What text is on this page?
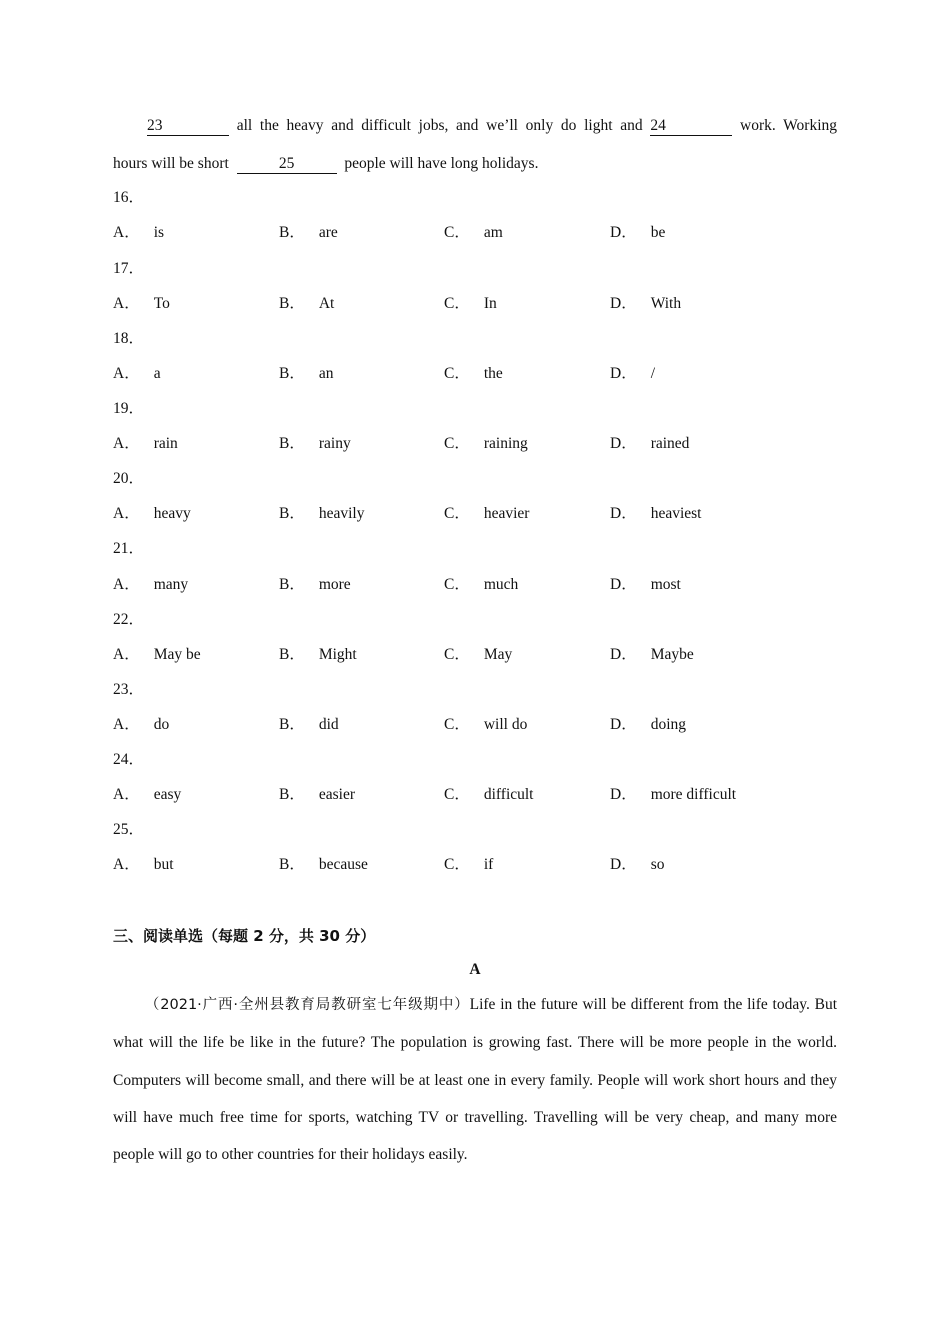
23	all the heavy and difficult jobs, and we’ll only do light and 24	work. Working
hours will be short	25	people will have long holidays.
16．
A． is	B． are	C． am	D． be
17．
A． To	B． At	C． In	D． With
18．
A． a	B． an	C． the	D． /
19．
A． rain	B． rainy	C． raining	D． rained
20．
A． heavy	B． heavily	C． heavier	D． heaviest
21．
A． many	B． more	C． much	D． most
22．
A． May be	B． Might	C． May	D． Maybe
23．
A． do	B． did	C． will do	D． doing
24．
A． easy	B． easier	C． difficult	D． more difficult
25．
A． but	B． because	C． if	D． so
三、阅读单选（每题 2 分，共 30 分）
A
（2021·广西·全州县教育局教研室七年级期中）Life in the future will be different from the life today. But what will the life be like in the future? The population is growing fast. There will be more people in the world. Computers will become small, and there will be at least one in every family. People will work short hours and they will have much free time for sports, watching TV or travelling. Travelling will be very cheap, and many more people will go to other countries for their holidays easily.
